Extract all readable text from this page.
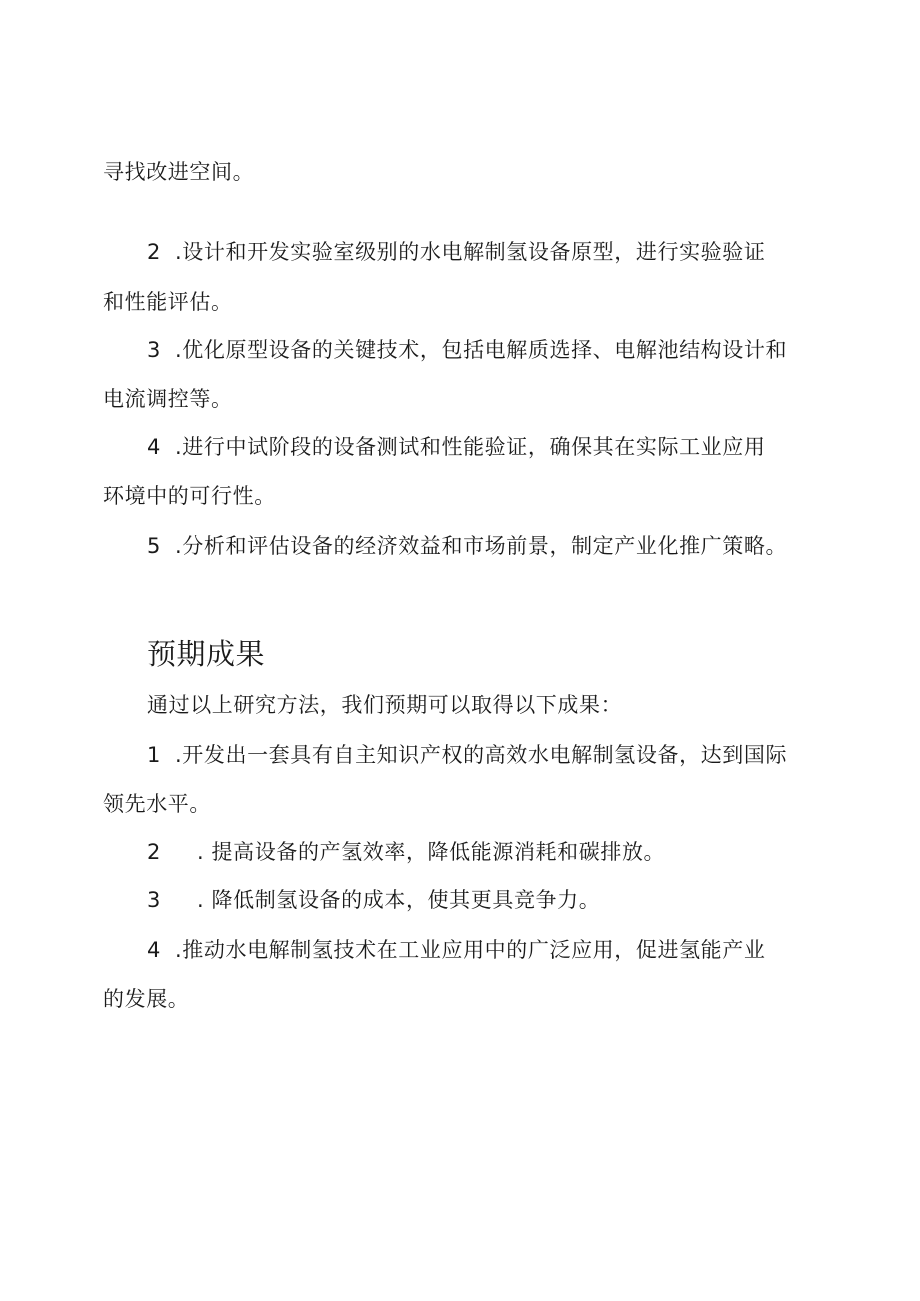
寻找改进空间。
2 .设计和开发实验室级别的水电解制氢设备原型，进行实验验证
和性能评估。
3 .优化原型设备的关键技术，包括电解质选择、电解池结构设计和
电流调控等。
4 .进行中试阶段的设备测试和性能验证，确保其在实际工业应用
环境中的可行性。
5 .分析和评估设备的经济效益和市场前景，制定产业化推广策略。
预期成果
通过以上研究方法，我们预期可以取得以下成果：
1 .开发出一套具有自主知识产权的高效水电解制氢设备，达到国际
领先水平。
2 . 提高设备的产氢效率，降低能源消耗和碳排放。
3 . 降低制氢设备的成本，使其更具竞争力。
4 .推动水电解制氢技术在工业应用中的广泛应用，促进氢能产业
的发展。
